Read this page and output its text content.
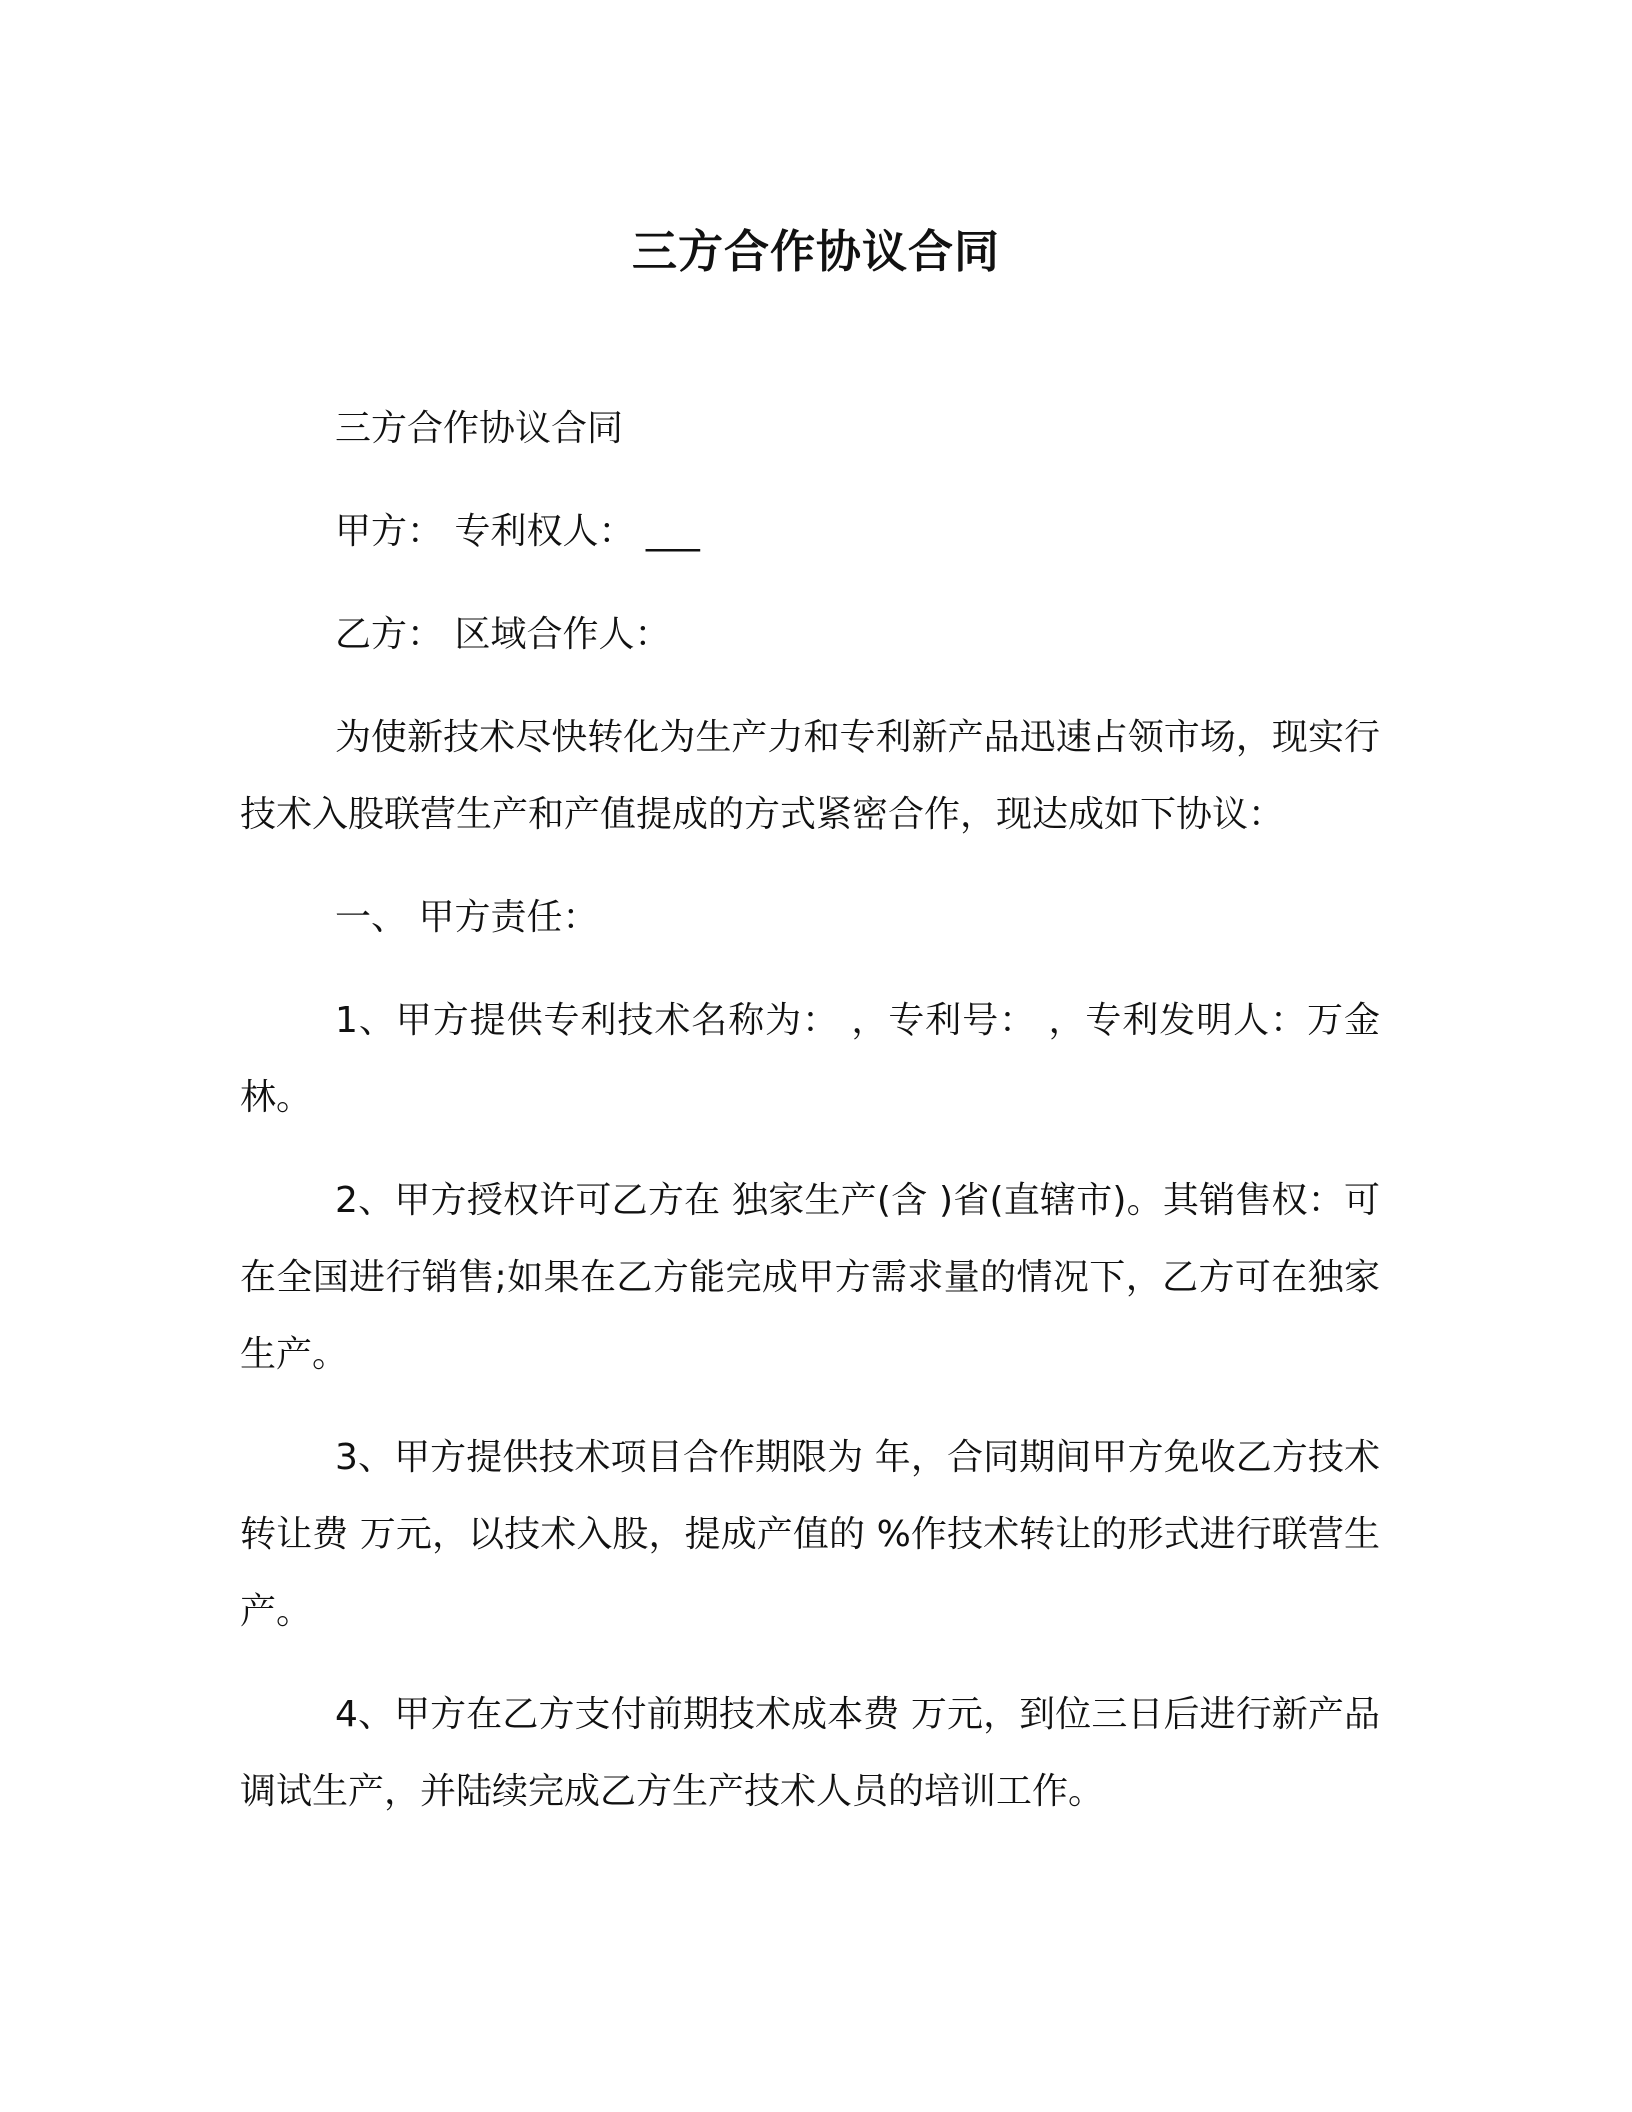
三方合作协议合同

三方合作协议合同

甲方： 专利权人： ___

乙方： 区域合作人：

为使新技术尽快转化为生产力和专利新产品迅速占领市场，现实行技术入股联营生产和产值提成的方式紧密合作，现达成如下协议：

一、 甲方责任：

1、甲方提供专利技术名称为： ，专利号： ，专利发明人：万金林。

2、甲方授权许可乙方在 独家生产(含 )省(直辖市)。其销售权：可在全国进行销售;如果在乙方能完成甲方需求量的情况下，乙方可在独家生产。

3、甲方提供技术项目合作期限为 年，合同期间甲方免收乙方技术转让费 万元，以技术入股，提成产值的 %作技术转让的形式进行联营生产。

4、甲方在乙方支付前期技术成本费 万元，到位三日后进行新产品调试生产，并陆续完成乙方生产技术人员的培训工作。
